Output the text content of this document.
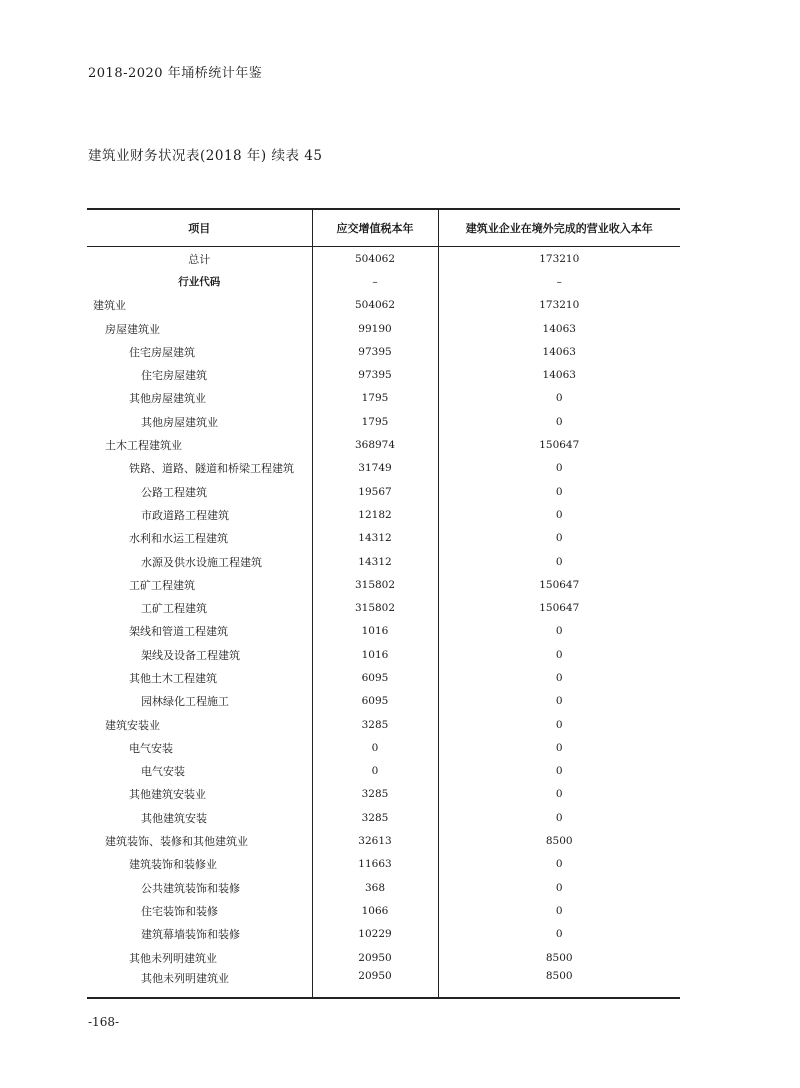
2018-2020 年埇桥统计年鉴
建筑业财务状况表(2018 年) 续表 45
项目	应交增值税本年	建筑业企业在境外完成的营业收入本年
总计	504062	173210
行业代码	–	–
建筑业	504062	173210
房屋建筑业	99190	14063
住宅房屋建筑	97395	14063
住宅房屋建筑	97395	14063
其他房屋建筑业	1795	0
其他房屋建筑业	1795	0
土木工程建筑业	368974	150647
铁路、道路、隧道和桥梁工程建筑	31749	0
公路工程建筑	19567	0
市政道路工程建筑	12182	0
水利和水运工程建筑	14312	0
水源及供水设施工程建筑	14312	0
工矿工程建筑	315802	150647
工矿工程建筑	315802	150647
架线和管道工程建筑	1016	0
架线及设备工程建筑	1016	0
其他土木工程建筑	6095	0
园林绿化工程施工	6095	0
建筑安装业	3285	0
电气安装	0	0
电气安装	0	0
其他建筑安装业	3285	0
其他建筑安装	3285	0
建筑装饰、装修和其他建筑业	32613	8500
建筑装饰和装修业	11663	0
公共建筑装饰和装修	368	0
住宅装饰和装修	1066	0
建筑幕墙装饰和装修	10229	0
其他未列明建筑业	20950	8500
其他未列明建筑业	20950	8500
-168-
